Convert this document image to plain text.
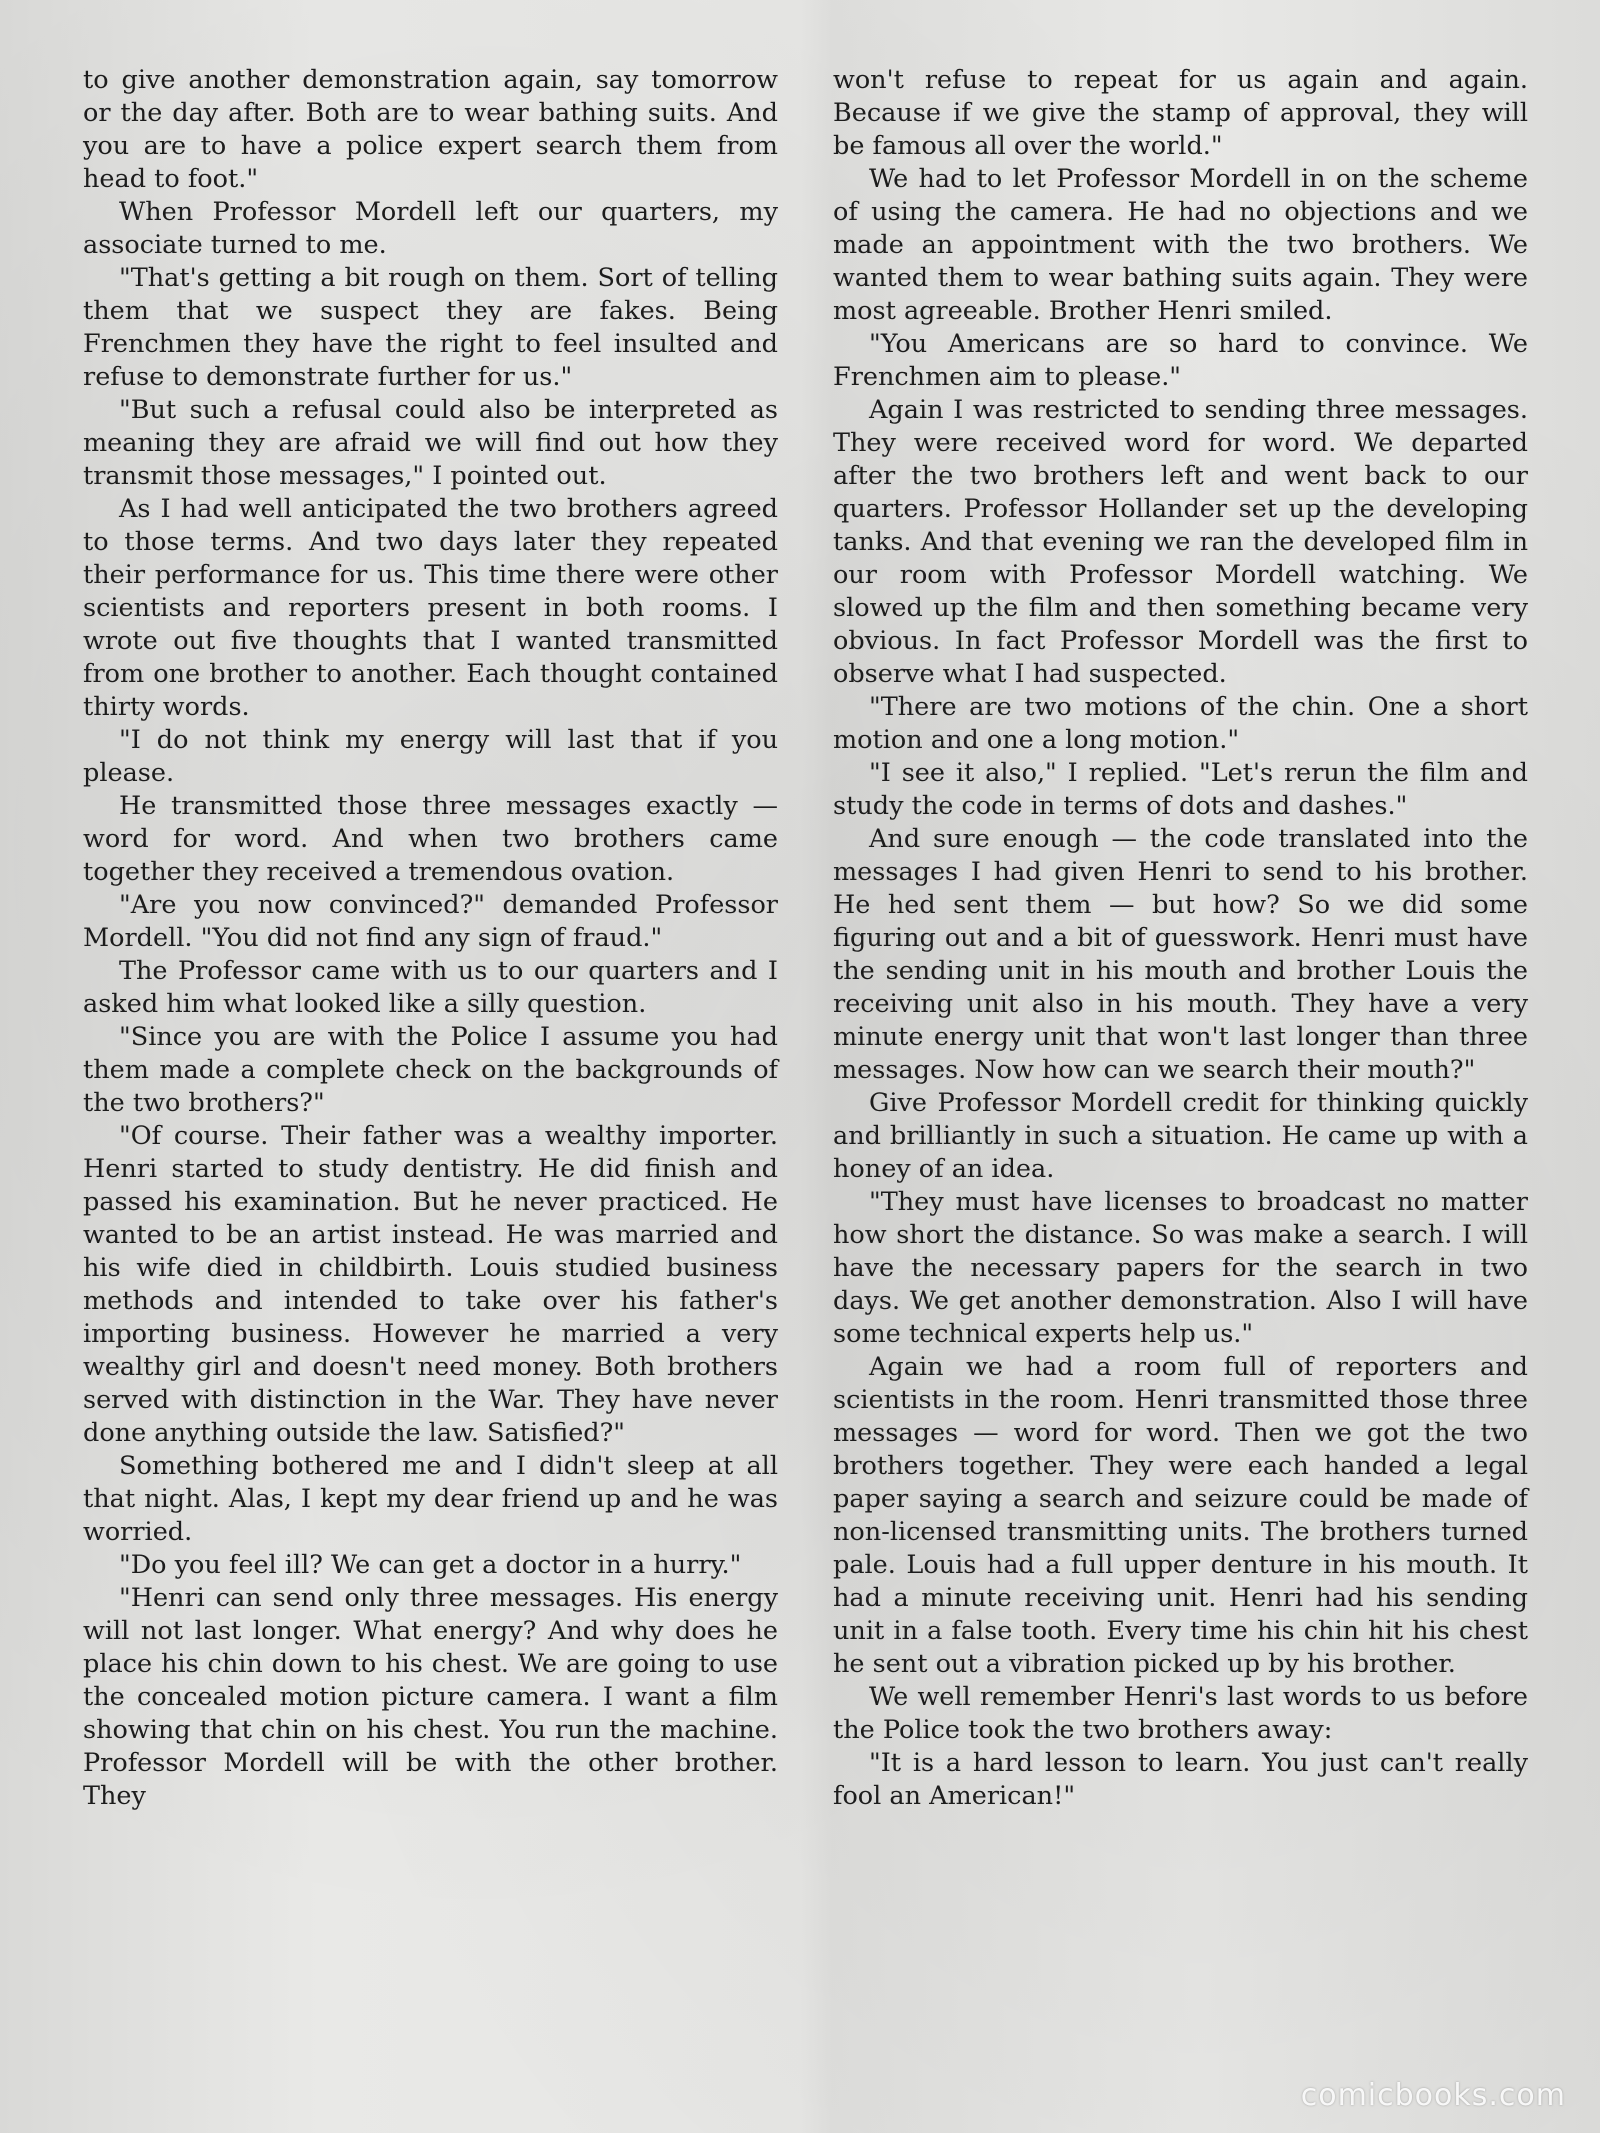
to give another demonstration again, say tomorrow or the day after. Both are to wear bathing suits. And you are to have a police expert search them from head to foot."

When Professor Mordell left our quarters, my associate turned to me.

"That's getting a bit rough on them. Sort of telling them that we suspect they are fakes. Being Frenchmen they have the right to feel insulted and refuse to demonstrate further for us."

"But such a refusal could also be interpreted as meaning they are afraid we will find out how they transmit those messages," I pointed out.

As I had well anticipated the two brothers agreed to those terms. And two days later they repeated their performance for us. This time there were other scientists and reporters present in both rooms. I wrote out five thoughts that I wanted transmitted from one brother to another. Each thought contained thirty words.

"I do not think my energy will last that if you please.

He transmitted those three messages exactly — word for word. And when two brothers came together they received a tremendous ovation.

"Are you now convinced?" demanded Professor Mordell. "You did not find any sign of fraud."

The Professor came with us to our quarters and I asked him what looked like a silly question.

"Since you are with the Police I assume you had them made a complete check on the backgrounds of the two brothers?"

"Of course. Their father was a wealthy importer. Henri started to study dentistry. He did finish and passed his examination. But he never practiced. He wanted to be an artist instead. He was married and his wife died in childbirth. Louis studied business methods and intended to take over his father's importing business. However he married a very wealthy girl and doesn't need money. Both brothers served with distinction in the War. They have never done anything outside the law. Satisfied?"

Something bothered me and I didn't sleep at all that night. Alas, I kept my dear friend up and he was worried.

"Do you feel ill? We can get a doctor in a hurry."

"Henri can send only three messages. His energy will not last longer. What energy? And why does he place his chin down to his chest. We are going to use the concealed motion picture camera. I want a film showing that chin on his chest. You run the machine. Professor Mordell will be with the other brother. They

won't refuse to repeat for us again and again. Because if we give the stamp of approval, they will be famous all over the world."

We had to let Professor Mordell in on the scheme of using the camera. He had no objections and we made an appointment with the two brothers. We wanted them to wear bathing suits again. They were most agreeable. Brother Henri smiled.

"You Americans are so hard to convince. We Frenchmen aim to please."

Again I was restricted to sending three messages. They were received word for word. We departed after the two brothers left and went back to our quarters. Professor Hollander set up the developing tanks. And that evening we ran the developed film in our room with Professor Mordell watching. We slowed up the film and then something became very obvious. In fact Professor Mordell was the first to observe what I had suspected.

"There are two motions of the chin. One a short motion and one a long motion."

"I see it also," I replied. "Let's rerun the film and study the code in terms of dots and dashes."

And sure enough — the code translated into the messages I had given Henri to send to his brother. He hed sent them — but how? So we did some figuring out and a bit of guesswork. Henri must have the sending unit in his mouth and brother Louis the receiving unit also in his mouth. They have a very minute energy unit that won't last longer than three messages. Now how can we search their mouth?"

Give Professor Mordell credit for thinking quickly and brilliantly in such a situation. He came up with a honey of an idea.

"They must have licenses to broadcast no matter how short the distance. So was make a search. I will have the necessary papers for the search in two days. We get another demonstration. Also I will have some technical experts help us."

Again we had a room full of reporters and scientists in the room. Henri transmitted those three messages — word for word. Then we got the two brothers together. They were each handed a legal paper saying a search and seizure could be made of non-licensed transmitting units. The brothers turned pale. Louis had a full upper denture in his mouth. It had a minute receiving unit. Henri had his sending unit in a false tooth. Every time his chin hit his chest he sent out a vibration picked up by his brother.

We well remember Henri's last words to us before the Police took the two brothers away:

"It is a hard lesson to learn. You just can't really fool an American!"

comicbooks.com
